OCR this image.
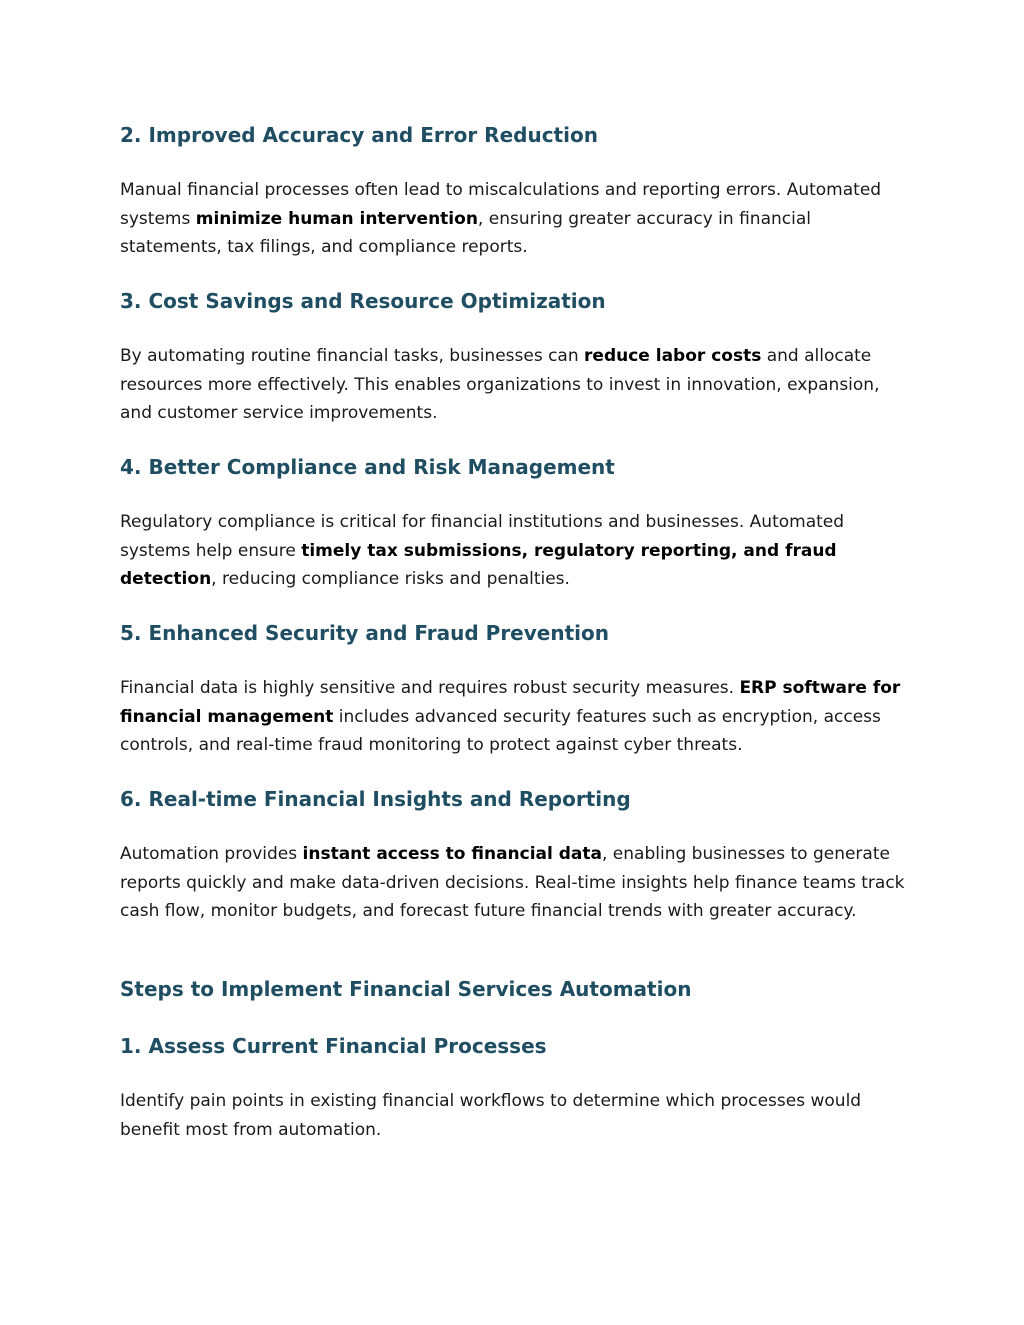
2. Improved Accuracy and Error Reduction

Manual financial processes often lead to miscalculations and reporting errors. Automated systems minimize human intervention, ensuring greater accuracy in financial statements, tax filings, and compliance reports.

3. Cost Savings and Resource Optimization

By automating routine financial tasks, businesses can reduce labor costs and allocate resources more effectively. This enables organizations to invest in innovation, expansion, and customer service improvements.

4. Better Compliance and Risk Management

Regulatory compliance is critical for financial institutions and businesses. Automated systems help ensure timely tax submissions, regulatory reporting, and fraud detection, reducing compliance risks and penalties.

5. Enhanced Security and Fraud Prevention

Financial data is highly sensitive and requires robust security measures. ERP software for financial management includes advanced security features such as encryption, access controls, and real-time fraud monitoring to protect against cyber threats.

6. Real-time Financial Insights and Reporting

Automation provides instant access to financial data, enabling businesses to generate reports quickly and make data-driven decisions. Real-time insights help finance teams track cash flow, monitor budgets, and forecast future financial trends with greater accuracy.

Steps to Implement Financial Services Automation
1. Assess Current Financial Processes

Identify pain points in existing financial workflows to determine which processes would benefit most from automation.
